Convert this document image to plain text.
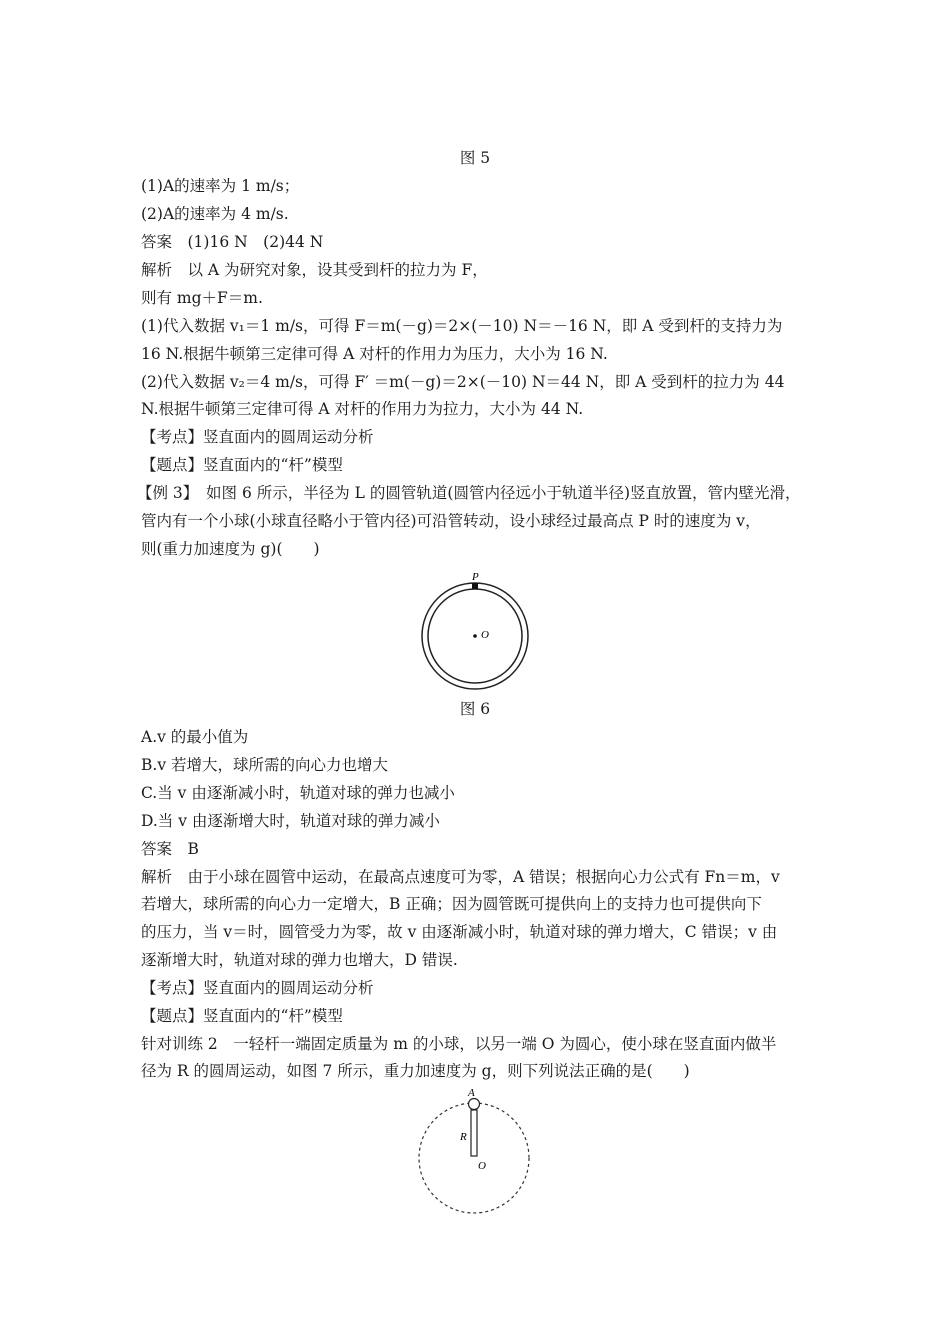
图 5
(1)A的速率为 1 m/s；
(2)A的速率为 4 m/s.
答案　(1)16 N　(2)44 N
解析　以 A 为研究对象，设其受到杆的拉力为 F，
则有 mg＋F＝m.
(1)代入数据 v₁＝1 m/s，可得 F＝m(－g)＝2×(－10) N＝－16 N，即 A 受到杆的支持力为
16 N.根据牛顿第三定律可得 A 对杆的作用力为压力，大小为 16 N.
(2)代入数据 v₂＝4 m/s，可得 F′ ＝m(－g)＝2×(－10) N＝44 N，即 A 受到杆的拉力为 44
N.根据牛顿第三定律可得 A 对杆的作用力为拉力，大小为 44 N.
【考点】竖直面内的圆周运动分析
【题点】竖直面内的“杆”模型
【例 3】　如图 6 所示，半径为 L 的圆管轨道(圆管内径远小于轨道半径)竖直放置，管内壁光滑，
管内有一个小球(小球直径略小于管内径)可沿管转动，设小球经过最高点 P 时的速度为 v，
则(重力加速度为 g)(　　)
P
O
图 6
A.v 的最小值为
B.v 若增大，球所需的向心力也增大
C.当 v 由逐渐减小时，轨道对球的弹力也减小
D.当 v 由逐渐增大时，轨道对球的弹力减小
答案　B
解析　由于小球在圆管中运动，在最高点速度可为零，A 错误；根据向心力公式有 Fn＝m，v
若增大，球所需的向心力一定增大，B 正确；因为圆管既可提供向上的支持力也可提供向下
的压力，当 v＝时，圆管受力为零，故 v 由逐渐减小时，轨道对球的弹力增大，C 错误；v 由
逐渐增大时，轨道对球的弹力也增大，D 错误.
【考点】竖直面内的圆周运动分析
【题点】竖直面内的“杆”模型
针对训练 2　一轻杆一端固定质量为 m 的小球，以另一端 O 为圆心，使小球在竖直面内做半
径为 R 的圆周运动，如图 7 所示，重力加速度为 g，则下列说法正确的是(　　)
A
R
O
